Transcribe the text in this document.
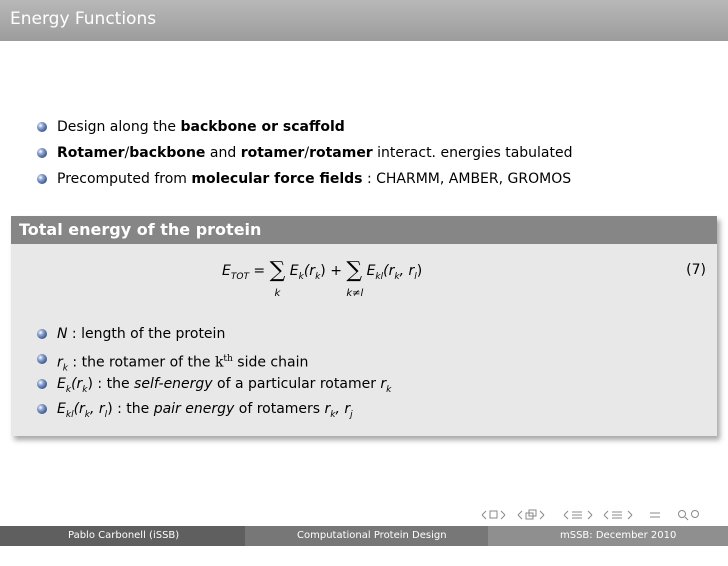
Energy Functions
Design along the backbone or scaffold
Rotamer/backbone and rotamer/rotamer interact. energies tabulated
Precomputed from molecular force fields : CHARMM, AMBER, GROMOS
Total energy of the protein
$E_{TOT}$ = ∑
k
$E_k(r_k)$ + ∑
k≠l
$E_{kl}(r_k$, $r_l$)	(7)
N : length of the protein
$r_k$ : the rotamer of the $k^{th}$ side chain
$E_k(r_k)$ : the self-energy of a particular rotamer $r_k$
$E_{kl}(r_k$, $r_l$) : the pair energy of rotamers $r_k$, $r_j$
Pablo Carbonell (iSSB)	Computational Protein Design	mSSB: December 2010 25 / 45
